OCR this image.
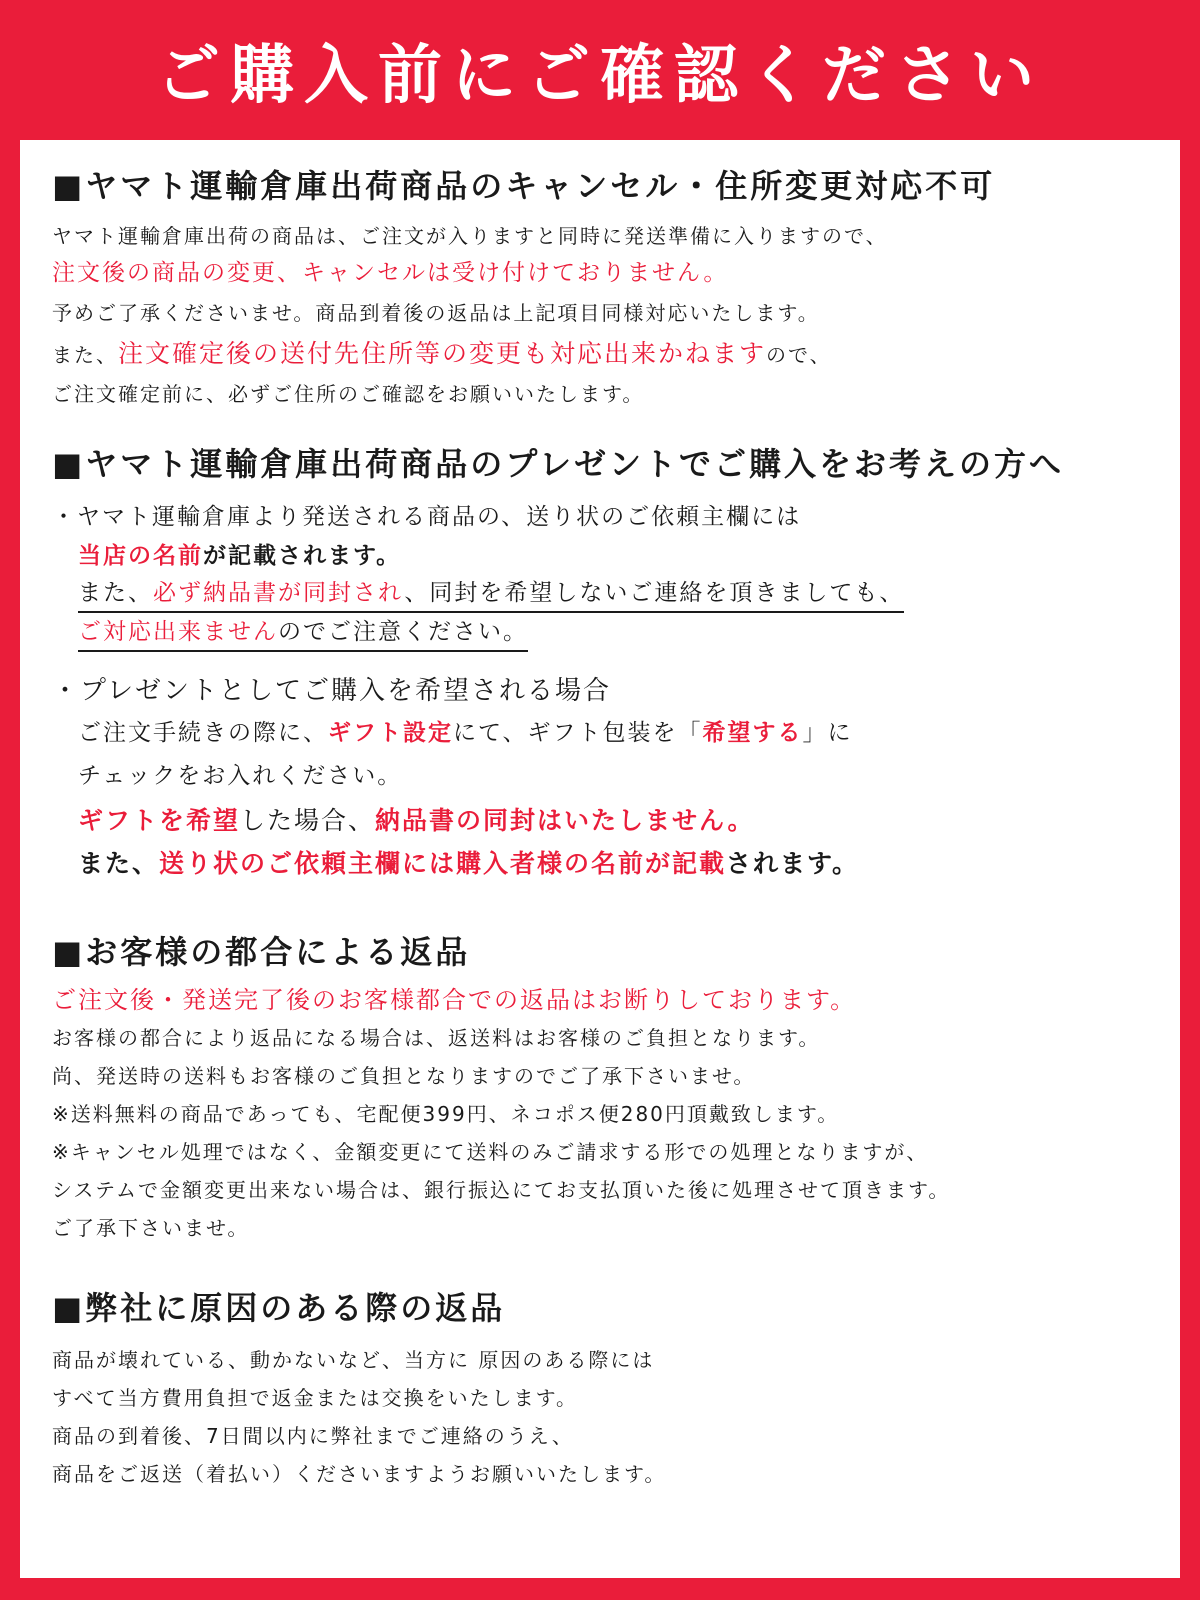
ご購入前にご確認ください
■ヤマト運輸倉庫出荷商品のキャンセル・住所変更対応不可
ヤマト運輸倉庫出荷の商品は、ご注文が入りますと同時に発送準備に入りますので、
注文後の商品の変更、キャンセルは受け付けておりません。
予めご了承くださいませ。商品到着後の返品は上記項目同様対応いたします。
また、注文確定後の送付先住所等の変更も対応出来かねますので、
ご注文確定前に、必ずご住所のご確認をお願いいたします。
■ヤマト運輸倉庫出荷商品のプレゼントでご購入をお考えの方へ
・ヤマト運輸倉庫より発送される商品の、送り状のご依頼主欄には
当店の名前が記載されます。
また、必ず納品書が同封され、同封を希望しないご連絡を頂きましても、
ご対応出来ませんのでご注意ください。
・プレゼントとしてご購入を希望される場合
ご注文手続きの際に、ギフト設定にて、ギフト包装を「希望する」に
チェックをお入れください。
ギフトを希望した場合、納品書の同封はいたしません。
また、送り状のご依頼主欄には購入者様の名前が記載されます。
■お客様の都合による返品
ご注文後・発送完了後のお客様都合での返品はお断りしております。
お客様の都合により返品になる場合は、返送料はお客様のご負担となります。
尚、発送時の送料もお客様のご負担となりますのでご了承下さいませ。
※送料無料の商品であっても、宅配便399円、ネコポス便280円頂戴致します。
※キャンセル処理ではなく、金額変更にて送料のみご請求する形での処理となりますが、
システムで金額変更出来ない場合は、銀行振込にてお支払頂いた後に処理させて頂きます。
ご了承下さいませ。
■弊社に原因のある際の返品
商品が壊れている、動かないなど、当方に 原因のある際には
すべて当方費用負担で返金または交換をいたします。
商品の到着後、7日間以内に弊社までご連絡のうえ、
商品をご返送（着払い）くださいますようお願いいたします。
